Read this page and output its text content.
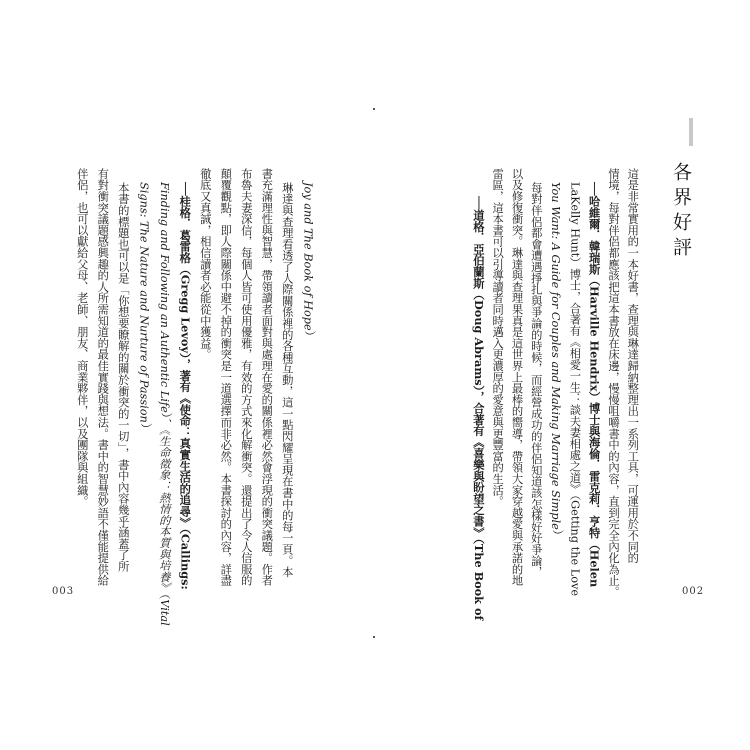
各界好評
這是非常實用的一本好書，查理與琳達歸納整理出一系列工具，可運用於不同的
情境，每對伴侶都應該把這本書放在床邊，慢慢咀嚼書中的內容，直到完全內化為止。
──哈維爾．韓瑞斯（Harville Hendrix）博士與海倫．雷克莉．亨特（Helen
LaKelly Hunt）博士，合著有《相愛一生：談夫妻相處之道》（Getting the Love
You Want: A Guide for Couples and Making Marriage Simple）
每對伴侶都會遭遇掙扎與爭論的時候，而經營成功的伴侶知道該怎樣好好爭論，
以及修復衝突。琳達與查理果真是這世界上最棒的嚮導，帶領大家穿越愛與承諾的地
雷區，這本書可以引導讀者同時邁入更濃厚的愛意與更豐富的生活。
──道格．亞伯蘭斯（Doug Abrams），合著有《喜樂與盼望之書》（The Book of
Joy and The Book of Hope）
琳達與查理看透了人際關係裡的各種互動，這一點閃耀呈現在書中的每一頁。本
書充滿理性與智慧，帶領讀者面對與處理在愛的關係裡必然會浮現的衝突議題。作者
布魯夫妻深信，每個人皆可使用優雅，有效的方式來化解衝突。還提出了令人信服的
顛覆觀點，即人際關係中避不掉的衝突是一道選擇而非必然。本書探討的內容，詳盡
徹底又真誠，相信讀者必能從中獲益。
──桂格．葛雷格（Gregg Levoy），著有《使命：真實生活的追尋》（Callings:
Finding and Following an Authentic Life）、《生命徵象：熱情的本質與培養》（Vital
Signs: The Nature and Nurture of Passion）
本書的標題也可以是「你想要瞭解的關於衝突的一切」，書中內容幾乎涵蓋了所
有對衝突議題感興趣的人所需知道的最佳實踐與想法。書中的智慧妙語不僅能提供給
伴侶，也可以獻給父母、老師、朋友、商業夥伴，以及團隊與組織。
003	002
